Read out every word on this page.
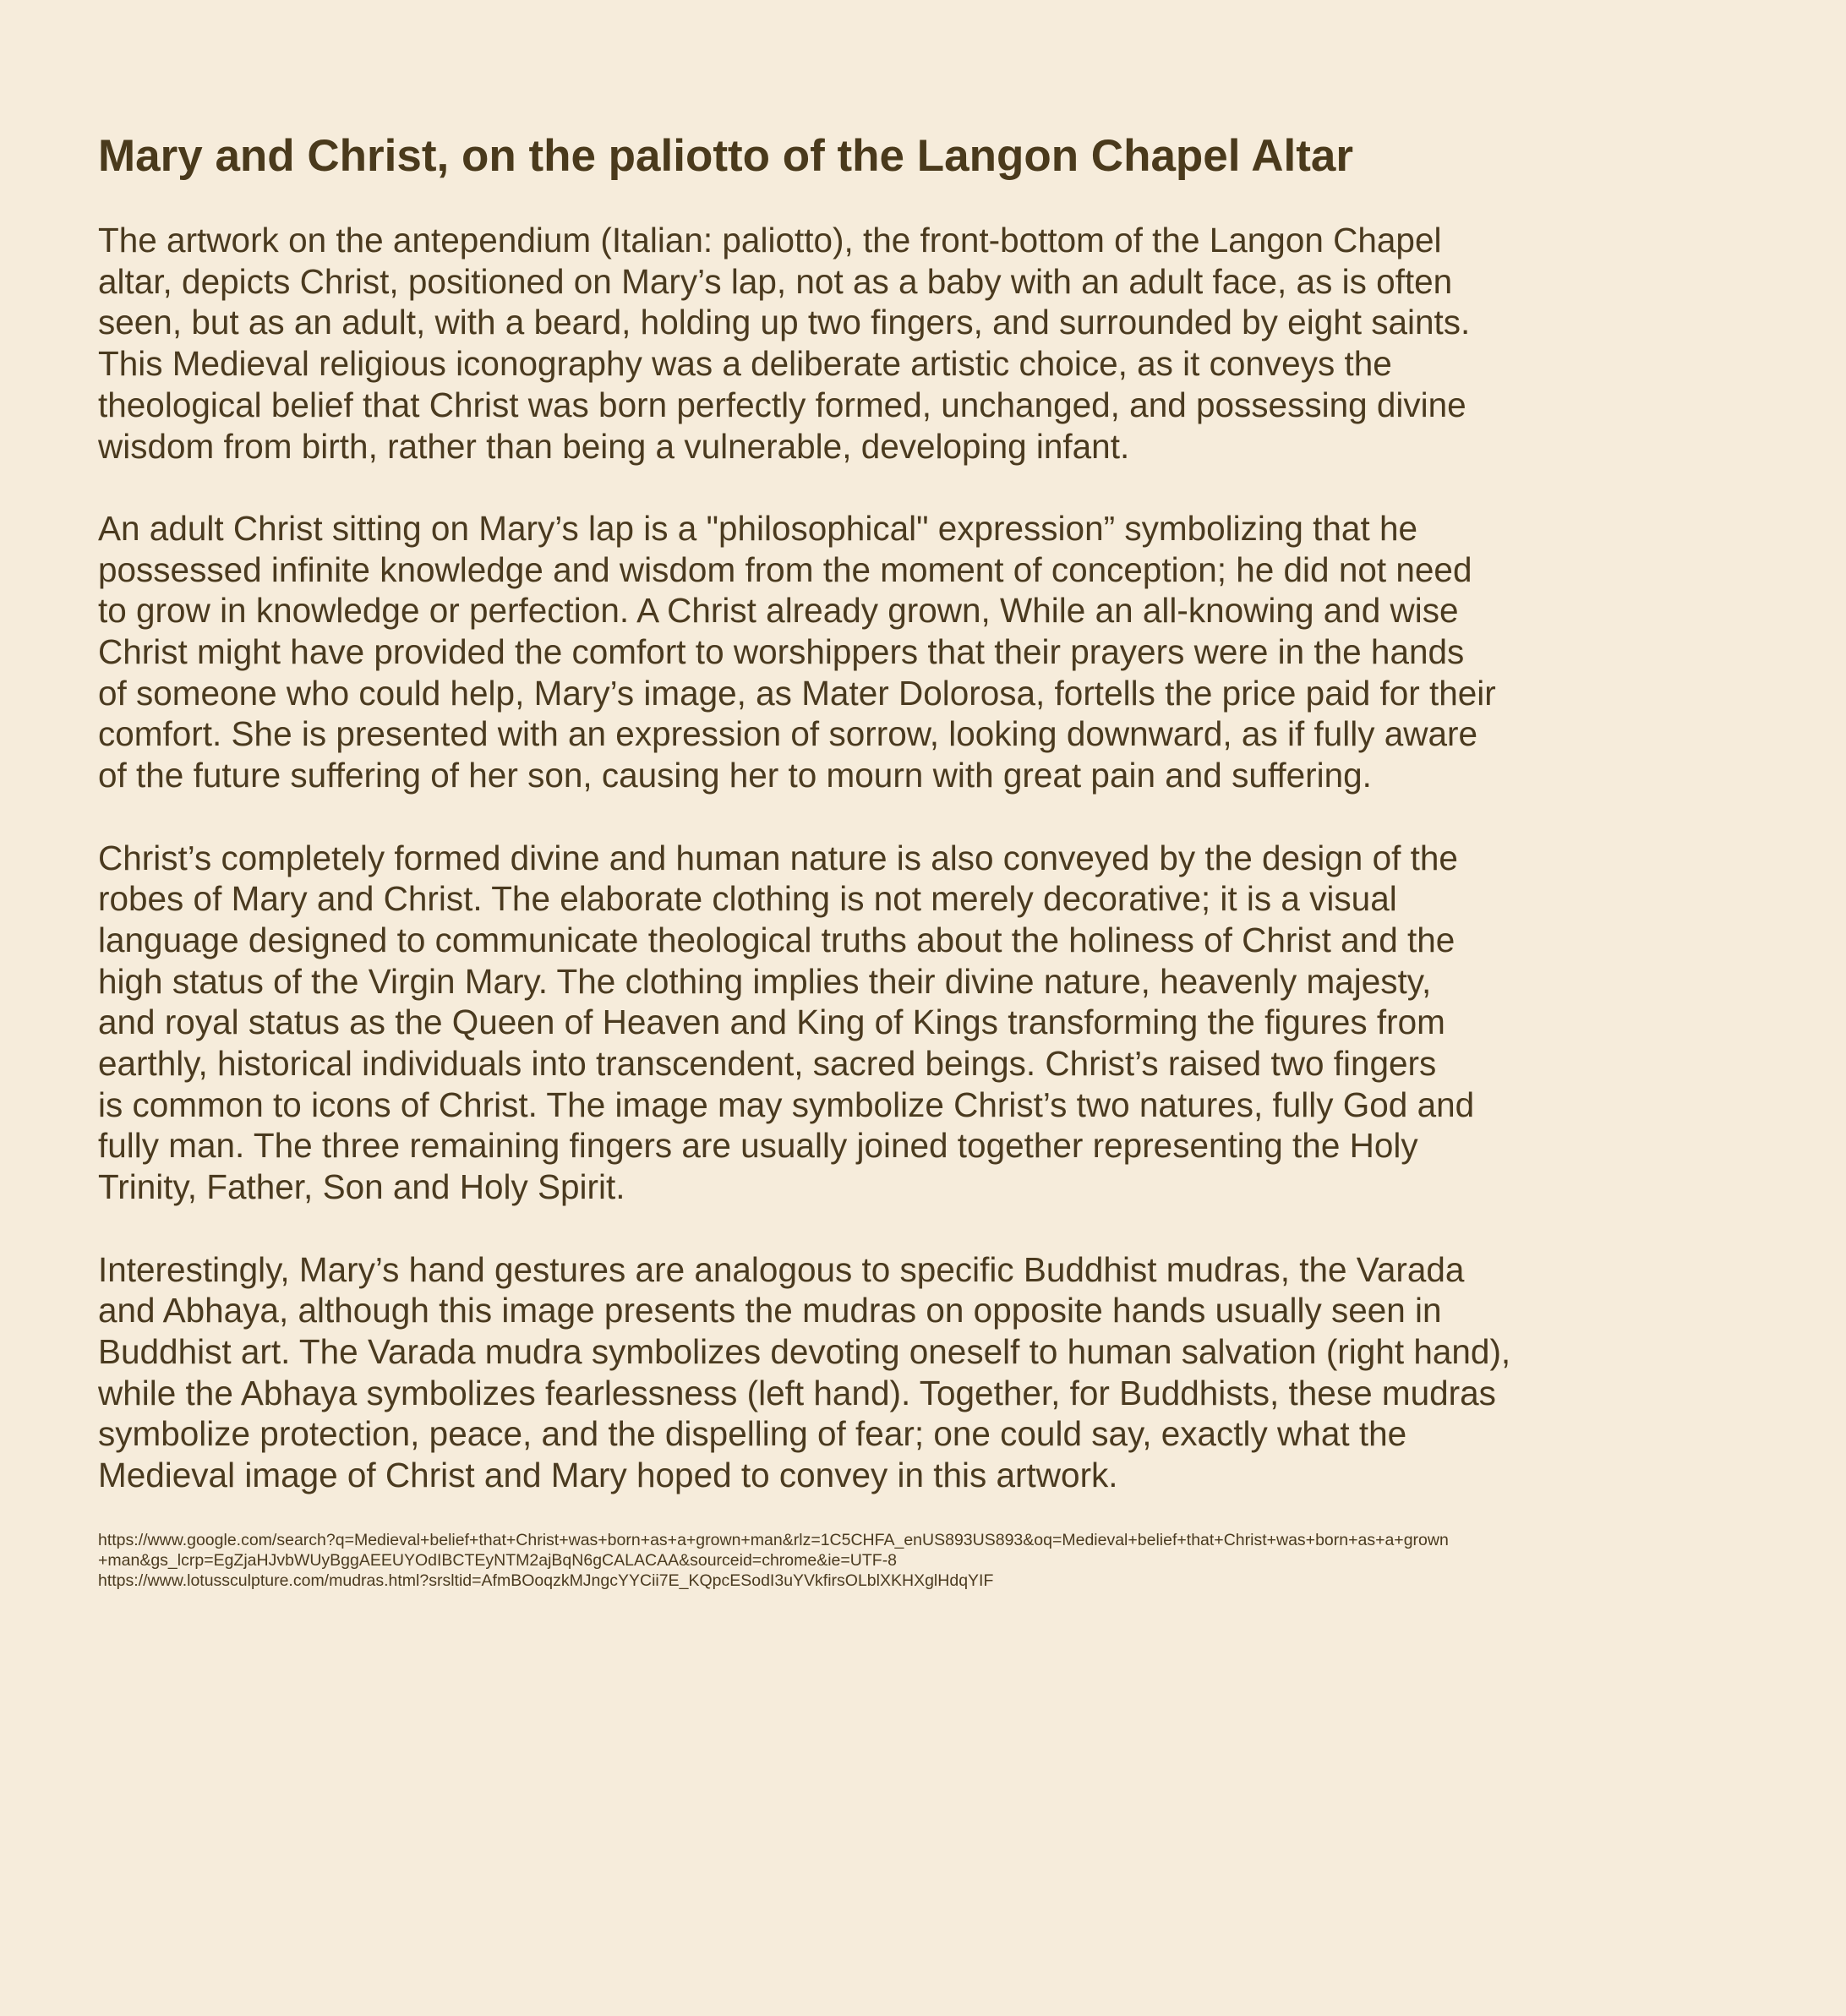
Mary and Christ, on the paliotto of the Langon Chapel Altar
The artwork on the antependium (Italian: paliotto), the front-bottom of the Langon Chapel
altar, depicts Christ, positioned on Mary’s lap, not as a baby with an adult face, as is often
seen, but as an adult, with a beard, holding up two fingers, and surrounded by eight saints.
This Medieval religious iconography was a deliberate artistic choice, as it conveys the
theological belief that Christ was born perfectly formed, unchanged, and possessing divine
wisdom from birth, rather than being a vulnerable, developing infant.
An adult Christ sitting on Mary’s lap is a "philosophical" expression” symbolizing that he
possessed infinite knowledge and wisdom from the moment of conception; he did not need
to grow in knowledge or perfection. A Christ already grown, While an all-knowing and wise
Christ might have provided the comfort to worshippers that their prayers were in the hands
of someone who could help, Mary’s image, as Mater Dolorosa, fortells the price paid for their
comfort. She is presented with an expression of sorrow, looking downward, as if fully aware
of the future suffering of her son, causing her to mourn with great pain and suffering.
Christ’s completely formed divine and human nature is also conveyed by the design of the
robes of Mary and Christ. The elaborate clothing is not merely decorative; it is a visual
language designed to communicate theological truths about the holiness of Christ and the
high status of the Virgin Mary. The clothing implies their divine nature, heavenly majesty,
and royal status as the Queen of Heaven and King of Kings transforming the figures from
earthly, historical individuals into transcendent, sacred beings. Christ’s raised two fingers
is common to icons of Christ. The image may symbolize Christ’s two natures, fully God and
fully man. The three remaining fingers are usually joined together representing the Holy
Trinity, Father, Son and Holy Spirit.
Interestingly, Mary’s hand gestures are analogous to specific Buddhist mudras, the Varada
and Abhaya, although this image presents the mudras on opposite hands usually seen in
Buddhist art. The Varada mudra symbolizes devoting oneself to human salvation (right hand),
while the Abhaya symbolizes fearlessness (left hand). Together, for Buddhists, these mudras
symbolize protection, peace, and the dispelling of fear; one could say, exactly what the
Medieval image of Christ and Mary hoped to convey in this artwork.
https://www.google.com/search?q=Medieval+belief+that+Christ+was+born+as+a+grown+man&rlz=1C5CHFA_enUS893US893&oq=Medieval+belief+that+Christ+was+born+as+a+grown
+man&gs_lcrp=EgZjaHJvbWUyBggAEEUYOdIBCTEyNTM2ajBqN6gCALACAA&sourceid=chrome&ie=UTF-8
https://www.lotussculpture.com/mudras.html?srsltid=AfmBOoqzkMJngcYYCii7E_KQpcESodI3uYVkfirsOLblXKHXglHdqYIF
